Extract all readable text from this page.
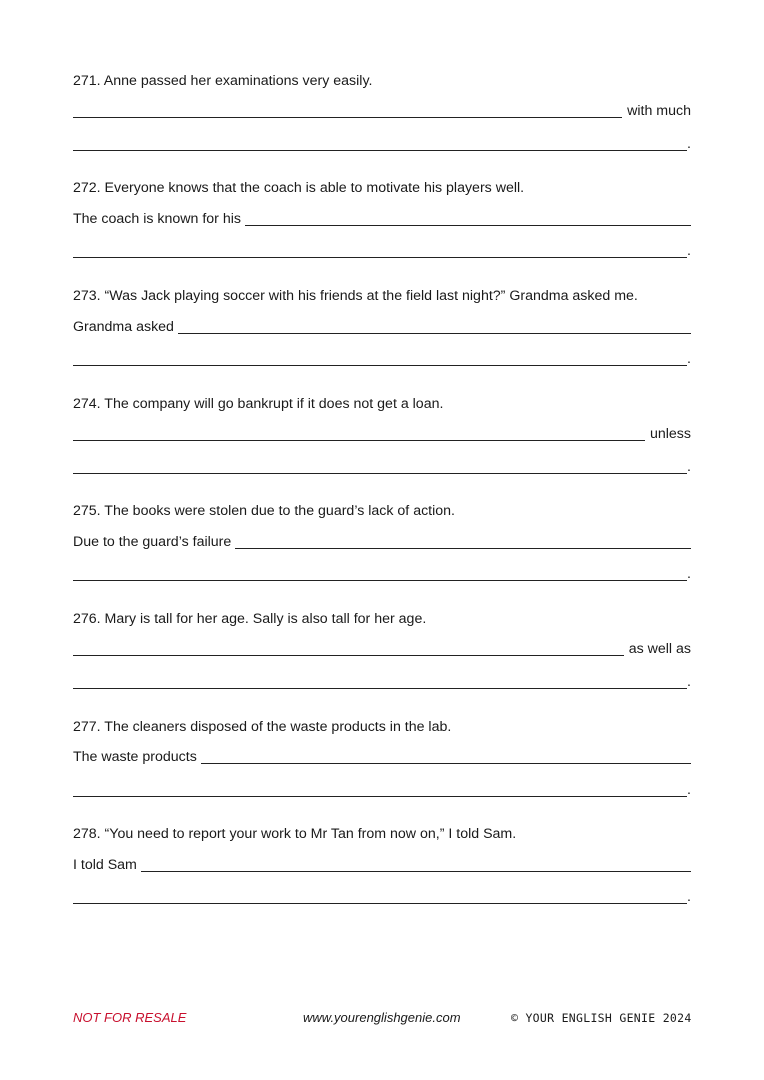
271. Anne passed her examinations very easily.
with much
.
272. Everyone knows that the coach is able to motivate his players well.
The coach is known for his
.
273. “Was Jack playing soccer with his friends at the field last night?” Grandma asked me.
Grandma asked
.
274. The company will go bankrupt if it does not get a loan.
unless
.
275. The books were stolen due to the guard’s lack of action.
Due to the guard’s failure
.
276. Mary is tall for her age. Sally is also tall for her age.
as well as
.
277. The cleaners disposed of the waste products in the lab.
The waste products
.
278. “You need to report your work to Mr Tan from now on,” I told Sam.
I told Sam
.
NOT FOR RESALE	www.yourenglishgenie.com	© YOUR ENGLISH GENIE 2024
